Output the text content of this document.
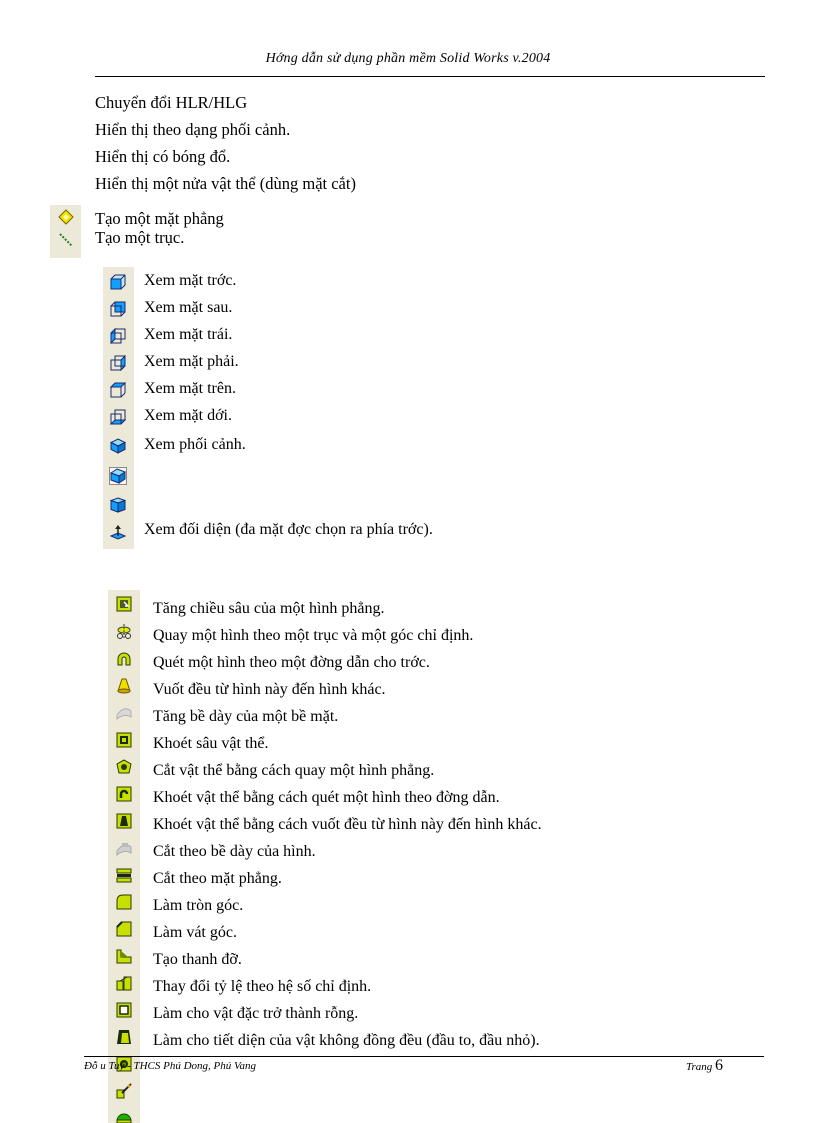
Hớng dẫn sử dụng phần mềm Solid Works v.2004
Chuyển đổi HLR/HLG
Hiển thị theo dạng phối cảnh.
Hiển thị có bóng đổ.
Hiển thị một nửa vật thể (dùng mặt cắt)
Tạo một mặt phẳng
Tạo một trục.
Xem mặt trớc.
Xem mặt sau.
Xem mặt trái.
Xem mặt phải.
Xem mặt trên.
Xem mặt dới.
Xem phối cảnh.
Xem đối diện (đa mặt đợc chọn ra phía trớc).
Tăng chiều sâu của một hình phẳng.
Quay một hình theo một trục và một góc chỉ định.
Quét một hình theo một đờng dẫn cho trớc.
Vuốt đều từ hình này đến hình khác.
Tăng bề dày của một bề mặt.
Khoét sâu vật thể.
Cắt vật thể bằng cách quay một hình phẳng.
Khoét vật thể bằng cách quét một hình theo đờng dẫn.
Khoét vật thể bằng cách vuốt đều từ hình này đến hình khác.
Cắt theo bề dày của hình.
Cắt theo mặt phẳng.
Làm tròn góc.
Làm vát góc.
Tạo thanh đỡ.
Thay đổi tỷ lệ theo hệ số chỉ định.
Làm cho vật đặc trở thành rỗng.
Làm cho tiết diện của vật không đồng đều (đầu to, đầu nhỏ).
Đỗ u Tuý - THCS Phú Dong, Phú Vang	Trang 6
